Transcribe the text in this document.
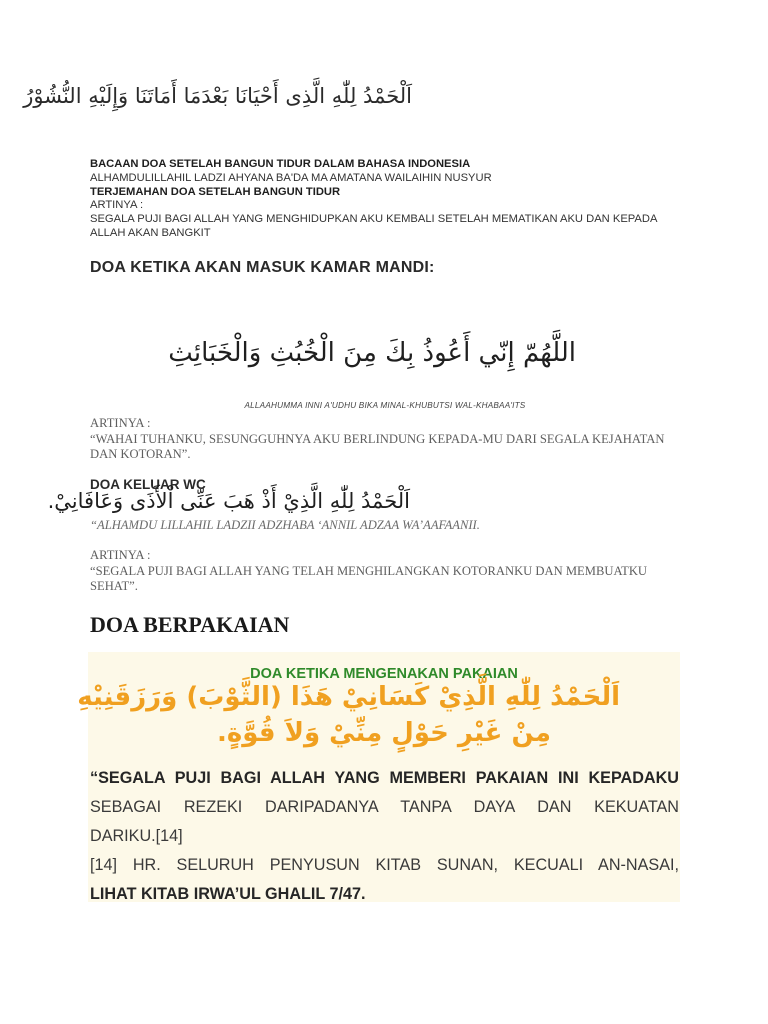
اَلْحَمْدُ لِلّٰهِ الَّذِى أَحْيَانَا بَعْدَمَا أَمَاتَنَا وَإِلَيْهِ النُّشُوْرُ
BACAAN DOA SETELAH BANGUN TIDUR DALAM BAHASA INDONESIA
ALHAMDULILLAHIL LADZI AHYANA BA'DA MA AMATANA WAILAIHIN NUSYUR
TERJEMAHAN DOA SETELAH BANGUN TIDUR
ARTINYA :
SEGALA PUJI BAGI ALLAH YANG MENGHIDUPKAN AKU KEMBALI SETELAH MEMATIKAN AKU DAN KEPADA ALLAH AKAN BANGKIT
DOA KETIKA AKAN MASUK KAMAR MANDI:
اللَّهُمّ إِنّي أَعُوذُ بِكَ مِنَ الْخُبُثِ وَالْخَبَائِثِ
ALLAAHUMMA INNI A'UDHU BIKA MINAL-KHUBUTSI WAL-KHABAA'ITS
ARTINYA :
“WAHAI TUHANKU, SESUNGGUHNYA AKU BERLINDUNG KEPADA-MU DARI SEGALA KEJAHATAN DAN KOTORAN”.
DOA KELUAR WC
اَلْحَمْدُ لِلّٰهِ الَّذِيْ أَذْ هَبَ عَنِّى اْلأَذَى وَعَافَانِيْ.
“ALHAMDU LILLAHIL LADZII ADZHABA ‘ANNIL ADZAA WA’AAFAANII.
ARTINYA :
“SEGALA PUJI BAGI ALLAH YANG TELAH MENGHILANGKAN KOTORANKU DAN MEMBUATKU SEHAT”.
DOA BERPAKAIAN
DOA KETIKA MENGENAKAN PAKAIAN
اَلْحَمْدُ لِلّٰهِ الَّذِيْ كَسَانِيْ هَذَا (الثَّوْبَ) وَرَزَقَنِيْهِ
مِنْ غَيْرِ حَوْلٍ مِنِّيْ وَلاَ قُوَّةٍ.
“SEGALA PUJI BAGI ALLAH YANG MEMBERI PAKAIAN INI KEPADAKU
SEBAGAI REZEKI DARIPADANYA TANPA DAYA DAN KEKUATAN
DARIKU.[14]
[14] HR. SELURUH PENYUSUN KITAB SUNAN, KECUALI AN-NASAI,
LIHAT KITAB IRWA’UL GHALIL 7/47.
